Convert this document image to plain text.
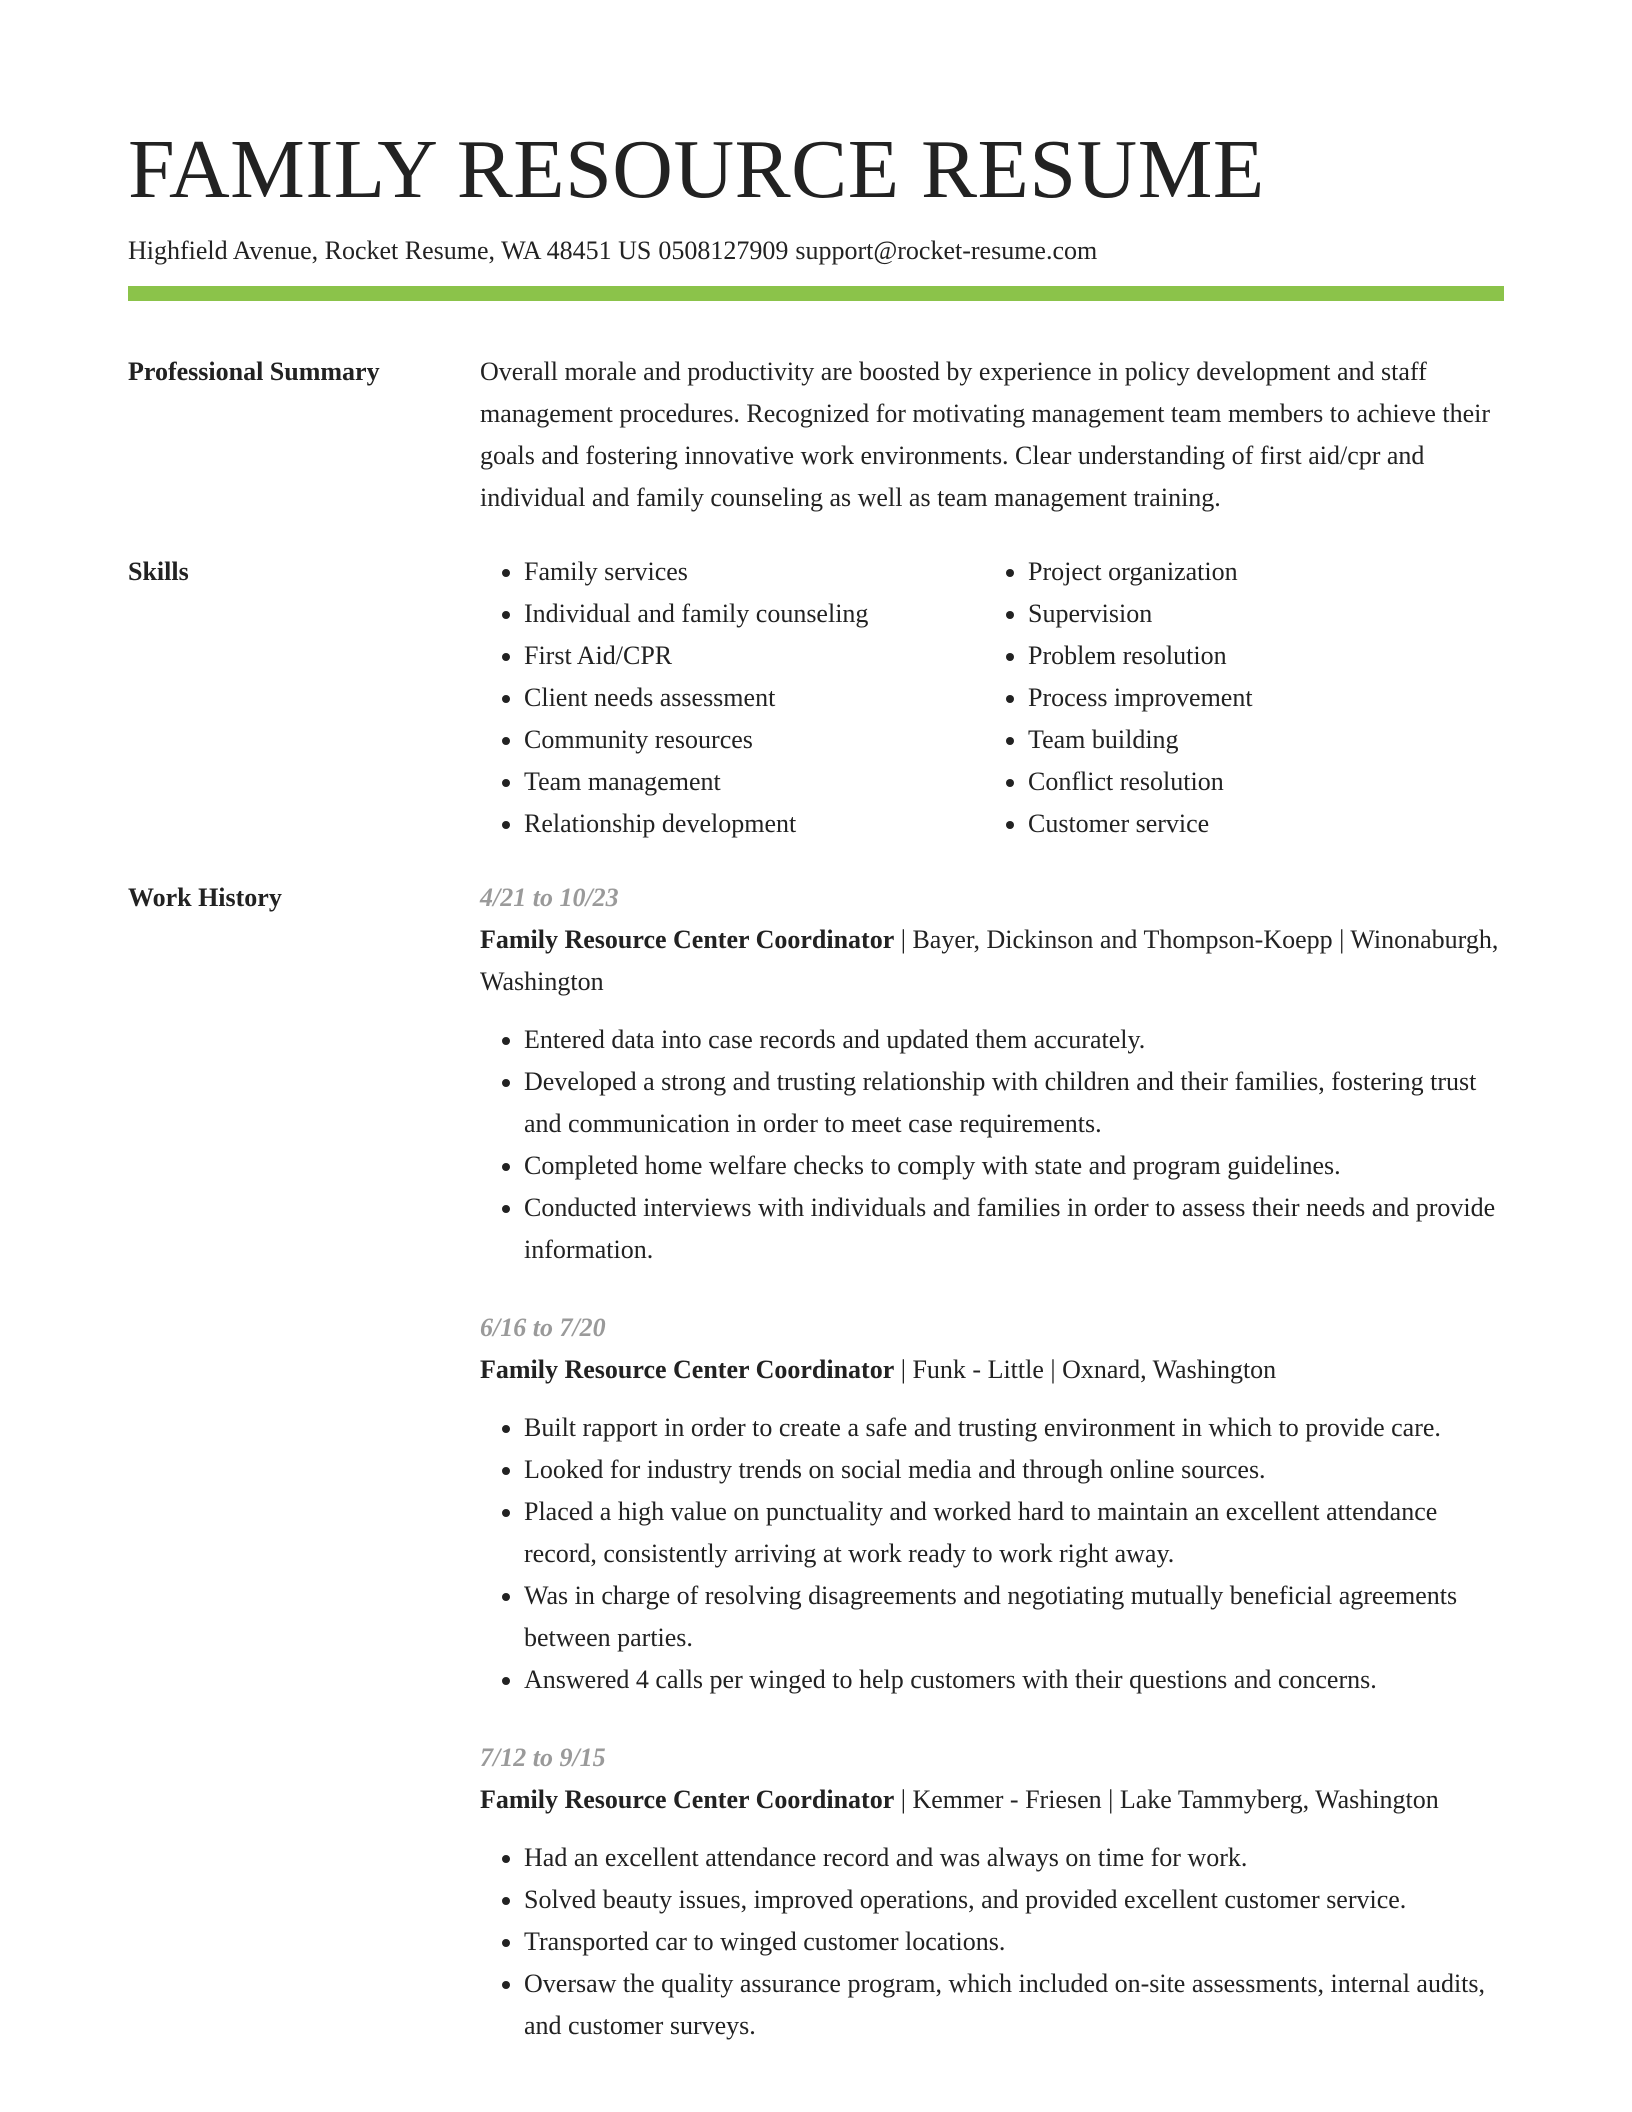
FAMILY RESOURCE RESUME
Highfield Avenue, Rocket Resume, WA 48451 US 0508127909 support@rocket-resume.com
Professional Summary	Overall morale and productivity are boosted by experience in policy development and staff management procedures. Recognized for motivating management team members to achieve their goals and fostering innovative work environments. Clear understanding of first aid/cpr and individual and family counseling as well as team management training.

Skills
•	Family services
• Individual and family counseling
• First Aid/CPR
• Client needs assessment
• Community resources
• Team management
• Relationship development
• Project organization
• Supervision
• Problem resolution
• Process improvement
• Team building
• Conflict resolution
• Customer service
Work History	4/21 to 10/23
Family Resource Center Coordinator | Bayer, Dickinson and Thompson-Koepp | Winonaburgh, Washington
• Entered data into case records and updated them accurately.
• Developed a strong and trusting relationship with children and their families, fostering trust and communication in order to meet case requirements.
• Completed home welfare checks to comply with state and program guidelines.
• Conducted interviews with individuals and families in order to assess their needs and provide information.
6/16 to 7/20
Family Resource Center Coordinator | Funk - Little | Oxnard, Washington
• Built rapport in order to create a safe and trusting environment in which to provide care.
• Looked for industry trends on social media and through online sources.
• Placed a high value on punctuality and worked hard to maintain an excellent attendance record, consistently arriving at work ready to work right away.
• Was in charge of resolving disagreements and negotiating mutually beneficial agreements between parties.
• Answered 4 calls per winged to help customers with their questions and concerns.
7/12 to 9/15
Family Resource Center Coordinator | Kemmer - Friesen | Lake Tammyberg, Washington
• Had an excellent attendance record and was always on time for work.
• Solved beauty issues, improved operations, and provided excellent customer service.
• Transported car to winged customer locations.
• Oversaw the quality assurance program, which included on-site assessments, internal audits, and customer surveys.
